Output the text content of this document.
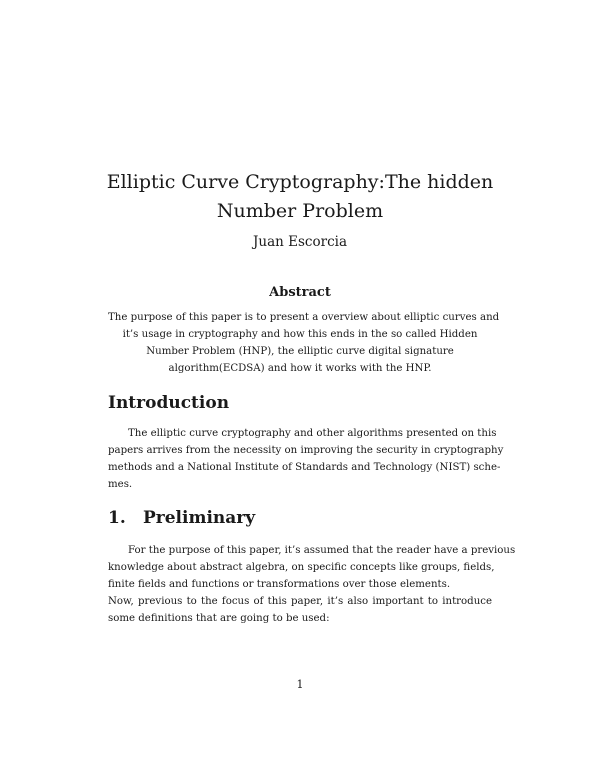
Elliptic Curve Cryptography:The hidden
Number Problem

Juan Escorcia

Abstract
The purpose of this paper is to present a overview about elliptic curves and
it’s usage in cryptography and how this ends in the so called Hidden
Number Problem (HNP), the elliptic curve digital signature
algorithm(ECDSA) and how it works with the HNP.
Introduction
The elliptic curve cryptography and other algorithms presented on this
papers arrives from the necessity on improving the security in cryptography
methods and a National Institute of Standards and Technology (NIST) sche-
mes.
1. Preliminary
For the purpose of this paper, it’s assumed that the reader have a previous
knowledge about abstract algebra, on specific concepts like groups, fields,
finite fields and functions or transformations over those elements.
Now, previous to the focus of this paper, it’s also important to introduce
some definitions that are going to be used:

1
